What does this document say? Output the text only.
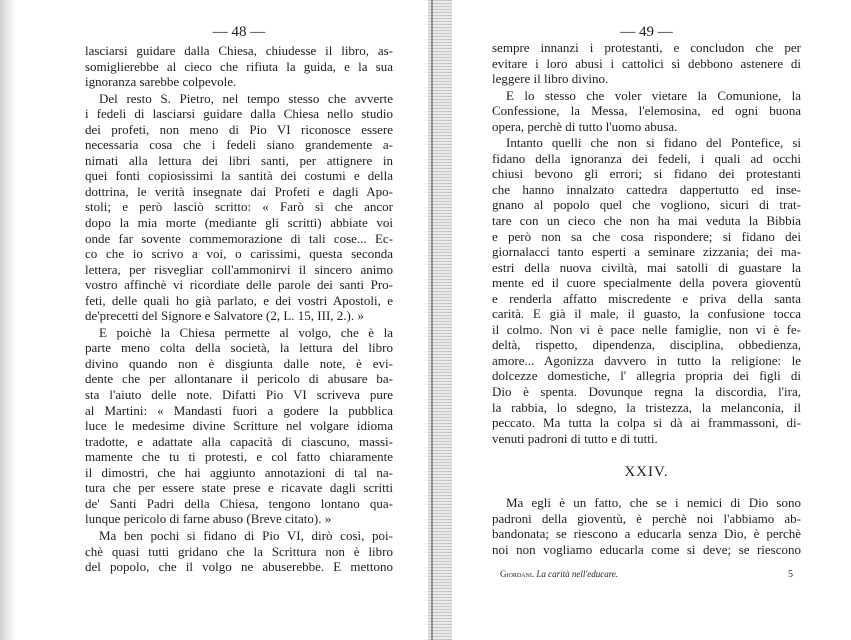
— 48 —
lasciarsi guidare dalla Chiesa, chiudesse il libro, as-
somiglierebbe al cieco che rifiuta la guida, e la sua
ignoranza sarebbe colpevole.
Del resto S. Pietro, nel tempo stesso che avverte
i fedeli di lasciarsi guidare dalla Chiesa nello studio
dei profeti, non meno di Pio VI riconosce essere
necessaria cosa che i fedeli siano grandemente a-
nimati alla lettura dei libri santi, per attignere in
quei fonti copiosissimi la santità dei costumi e della
dottrina, le verità insegnate dai Profeti e dagli Apo-
stoli; e però lasciò scritto: « Farò sì che ancor
dopo la mia morte (mediante gli scritti) abbiate voi
onde far sovente commemorazione di tali cose... Ec-
co che io scrivo a voi, o carissimi, questa seconda
lettera, per risvegliar coll'ammonirvi il sincero animo
vostro affinchè vi ricordiate delle parole dei santi Pro-
feti, delle quali ho già parlato, e dei vostri Apostoli, e
de'precetti del Signore e Salvatore (2, L. 15, III, 2.). »
E poichè la Chiesa permette al volgo, che è la
parte meno colta della società, la lettura del libro
divino quando non è disgiunta dalle note, è evi-
dente che per allontanare il pericolo di abusare ba-
sta l'aiuto delle note. Difatti Pio VI scriveva pure
al Martini: « Mandasti fuori a godere la pubblica
luce le medesime divine Scritture nel volgare idioma
tradotte, e adattate alla capacità di ciascuno, massi-
mamente che tu ti protesti, e col fatto chiaramente
il dimostri, che hai aggiunto annotazioni di tal na-
tura che per essere state prese e ricavate dagli scritti
de' Santi Padri della Chiesa, tengono lontano qua-
lunque pericolo di farne abuso (Breve citato). »
Ma ben pochi si fidano di Pio VI, dirò così, poi-
chè quasi tutti gridano che la Scrittura non è libro
del popolo, che il volgo ne abuserebbe. E mettono
— 49 —
sempre innanzi i protestanti, e concludon che per
evitare i loro abusi i cattolici si debbono astenere di
leggere il libro divino.
E lo stesso che voler vietare la Comunione, la
Confessione, la Messa, l'elemosina, ed ogni buona
opera, perchè di tutto l'uomo abusa.
Intanto quelli che non si fidano del Pontefice, si
fidano della ignoranza dei fedeli, i quali ad occhi
chiusi bevono gli errori; si fidano dei protestanti
che hanno innalzato cattedra dappertutto ed inse-
gnano al popolo quel che vogliono, sicuri di trat-
tare con un cieco che non ha mai veduta la Bibbia
e però non sa che cosa rispondere; si fidano dei
giornalacci tanto esperti a seminare zizzania; dei ma-
estri della nuova civiltà, mai satolli di guastare la
mente ed il cuore specialmente della povera gioventù
e renderla affatto miscredente e priva della santa
carità. E già il male, il guasto, la confusione tocca
il colmo. Non vi è pace nelle famiglie, non vi è fe-
deltà, rispetto, dipendenza, disciplina, obbedienza,
amore... Agonizza davvero in tutto la religione: le
dolcezze domestiche, l' allegria propria dei figli di
Dio è spenta. Dovunque regna la discordia, l'ira,
la rabbia, lo sdegno, la tristezza, la melanconia, il
peccato. Ma tutta la colpa si dà ai frammassoni, di-
venuti padroni di tutto e di tutti.
XXIV.
Ma egli è un fatto, che se i nemici di Dio sono
padroni della gioventù, è perchè noi l'abbiamo ab-
bandonata; se riescono a educarla senza Dio, è perchè
noi non vogliamo educarla come si deve; se riescono
Giordani. La carità nell'educare.	5
